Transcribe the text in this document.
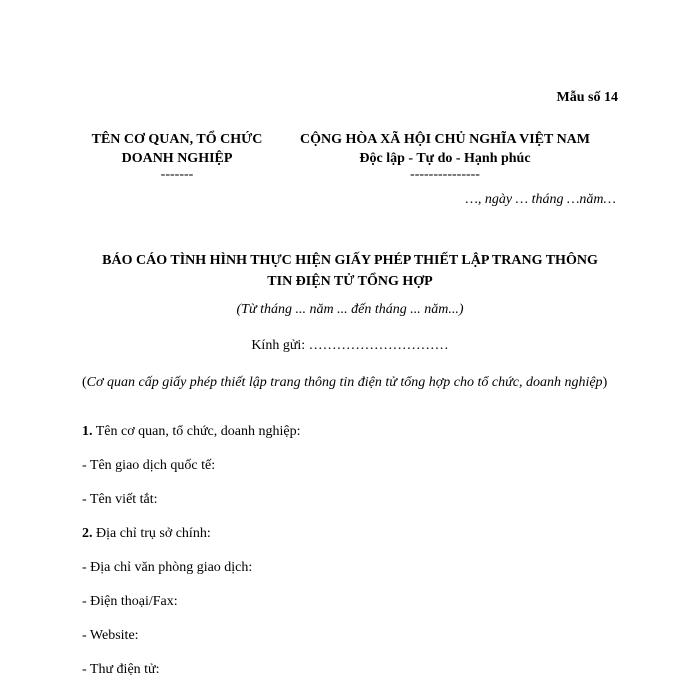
Mẫu số 14
TÊN CƠ QUAN, TỔ CHỨC
DOANH NGHIỆP
-------
CỘNG HÒA XÃ HỘI CHỦ NGHĨA VIỆT NAM
Độc lập - Tự do - Hạnh phúc
---------------
…, ngày … tháng …năm…
BÁO CÁO TÌNH HÌNH THỰC HIỆN GIẤY PHÉP THIẾT LẬP TRANG THÔNG
TIN ĐIỆN TỬ TỔNG HỢP
(Từ tháng ... năm ... đến tháng ... năm...)
Kính gửi: …………………………
(Cơ quan cấp giấy phép thiết lập trang thông tin điện tử tổng hợp cho tổ chức, doanh nghiệp)
1. Tên cơ quan, tổ chức, doanh nghiệp:
- Tên giao dịch quốc tế:
- Tên viết tắt:
2. Địa chỉ trụ sở chính:
- Địa chỉ văn phòng giao dịch:
- Điện thoại/Fax:
- Website:
- Thư điện tử:
